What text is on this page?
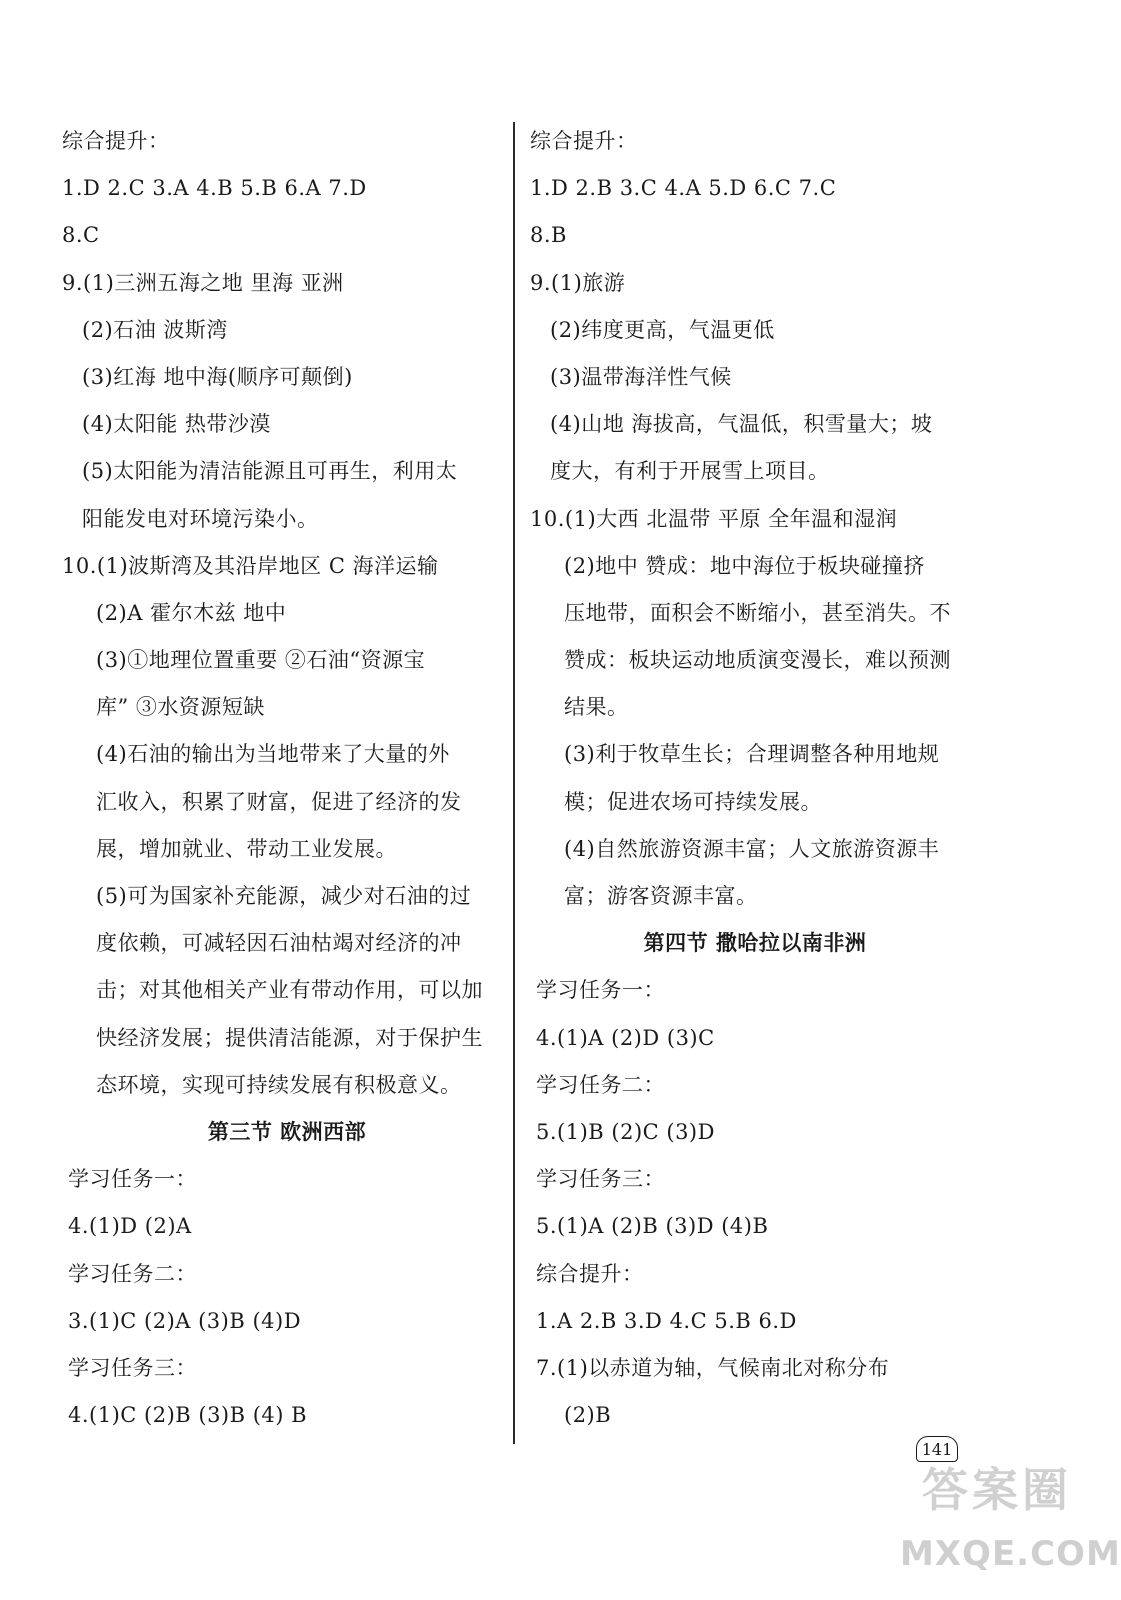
综合提升：
1.D 2.C 3.A 4.B 5.B 6.A 7.D
8.C
9.(1)三洲五海之地 里海 亚洲
(2)石油 波斯湾
(3)红海 地中海(顺序可颠倒)
(4)太阳能 热带沙漠
(5)太阳能为清洁能源且可再生，利用太
阳能发电对环境污染小。
10.(1)波斯湾及其沿岸地区 C 海洋运输
(2)A 霍尔木兹 地中
(3)①地理位置重要 ②石油“资源宝
库” ③水资源短缺
(4)石油的输出为当地带来了大量的外
汇收入，积累了财富，促进了经济的发
展，增加就业、带动工业发展。
(5)可为国家补充能源，减少对石油的过
度依赖，可减轻因石油枯竭对经济的冲
击；对其他相关产业有带动作用，可以加
快经济发展；提供清洁能源，对于保护生
态环境，实现可持续发展有积极意义。
第三节 欧洲西部
学习任务一：
4.(1)D (2)A
学习任务二：
3.(1)C (2)A (3)B (4)D
学习任务三：
4.(1)C (2)B (3)B (4) B
综合提升：
1.D 2.B 3.C 4.A 5.D 6.C 7.C
8.B
9.(1)旅游
(2)纬度更高，气温更低
(3)温带海洋性气候
(4)山地 海拔高，气温低，积雪量大；坡
度大，有利于开展雪上项目。
10.(1)大西 北温带 平原 全年温和湿润
(2)地中 赞成：地中海位于板块碰撞挤
压地带，面积会不断缩小，甚至消失。不
赞成：板块运动地质演变漫长，难以预测
结果。
(3)利于牧草生长；合理调整各种用地规
模；促进农场可持续发展。
(4)自然旅游资源丰富；人文旅游资源丰
富；游客资源丰富。
第四节 撒哈拉以南非洲
学习任务一：
4.(1)A (2)D (3)C
学习任务二：
5.(1)B (2)C (3)D
学习任务三：
5.(1)A (2)B (3)D (4)B
综合提升：
1.A 2.B 3.D 4.C 5.B 6.D
7.(1)以赤道为轴，气候南北对称分布
(2)B
141
答案圈
MXQE.COM
